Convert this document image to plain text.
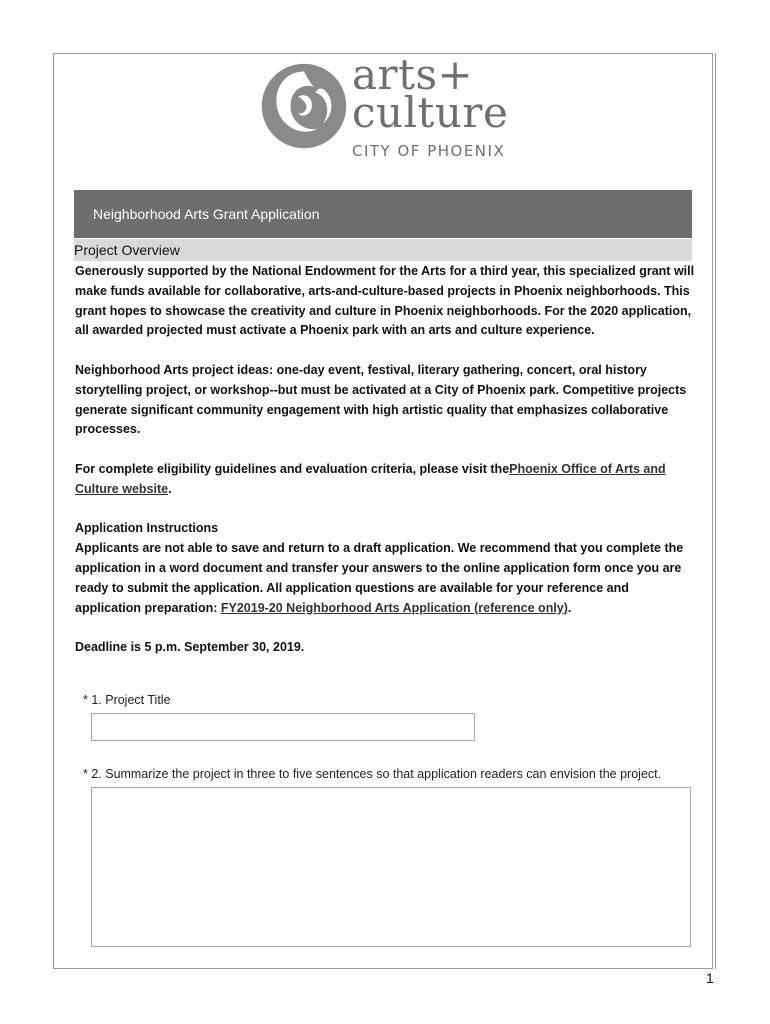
arts+
culture
CITY OF PHOENIX
Neighborhood Arts Grant Application
Project Overview

Generously supported by the National Endowment for the Arts for a third year, this specialized grant will make funds available for collaborative, arts-and-culture-based projects in Phoenix neighborhoods. This grant hopes to showcase the creativity and culture in Phoenix neighborhoods. For the 2020 application, all awarded projected must activate a Phoenix park with an arts and culture experience.

Neighborhood Arts project ideas: one-day event, festival, literary gathering, concert, oral history storytelling project, or workshop--but must be activated at a City of Phoenix park. Competitive projects generate significant community engagement with high artistic quality that emphasizes collaborative processes.

For complete eligibility guidelines and evaluation criteria, please visit thePhoenix Office of Arts and Culture website.

Application Instructions

Applicants are not able to save and return to a draft application. We recommend that you complete the application in a word document and transfer your answers to the online application form once you are ready to submit the application. All application questions are available for your reference and application preparation: FY2019-20 Neighborhood Arts Application (reference only).

Deadline is 5 p.m. September 30, 2019.
* 1. Project Title
* 2. Summarize the project in three to five sentences so that application readers can envision the project.
1
